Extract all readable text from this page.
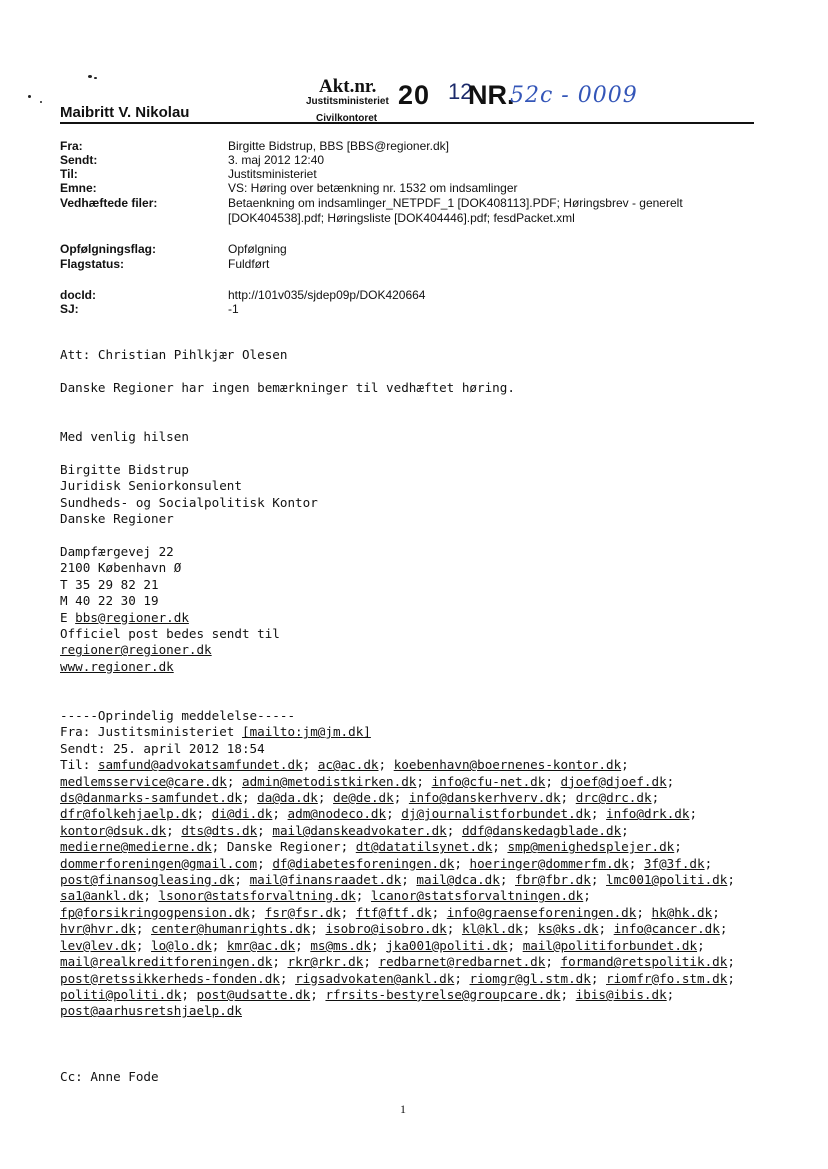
Maibritt V. Nikolau
Akt.nr.
Justitsministeriet 20 12
NR.
52c - 0009
Civilkontoret
Fra:	Birgitte Bidstrup, BBS [BBS@regioner.dk]
Sendt:	3. maj 2012 12:40
Til:	Justitsministeriet
Emne:	VS: Høring over betænkning nr. 1532 om indsamlinger
Vedhæftede filer:	Betaenkning om indsamlinger_NETPDF_1 [DOK408113].PDF; Høringsbrev - generelt
[DOK404538].pdf; Høringsliste [DOK404446].pdf; fesdPacket.xml
Opfølgningsflag:	Opfølgning
Flagstatus:	Fuldført
docId:	http://101v035/sjdep09p/DOK420664
SJ:	-1

Att: Christian Pihlkjær Olesen

Danske Regioner har ingen bemærkninger til vedhæftet høring.

Med venlig hilsen

Birgitte Bidstrup

Juridisk Seniorkonsulent

Sundheds- og Socialpolitisk Kontor

Danske Regioner

Dampfærgevej 22

2100 København Ø

T 35 29 82 21

M 40 22 30 19

E bbs@regioner.dk

Officiel post bedes sendt til

regioner@regioner.dk

www.regioner.dk

-----Oprindelig meddelelse-----

Fra: Justitsministeriet [mailto:jm@jm.dk]

Sendt: 25. april 2012 18:54

Til: samfund@advokatsamfundet.dk; ac@ac.dk; koebenhavn@boernenes-kontor.dk;

medlemsservice@care.dk; admin@metodistkirken.dk; info@cfu-net.dk; djoef@djoef.dk;

ds@danmarks-samfundet.dk; da@da.dk; de@de.dk; info@danskerhverv.dk; drc@drc.dk;

dfr@folkehjaelp.dk; di@di.dk; adm@nodeco.dk; dj@journalistforbundet.dk; info@drk.dk;

kontor@dsuk.dk; dts@dts.dk; mail@danskeadvokater.dk; ddf@danskedagblade.dk;

medierne@medierne.dk; Danske Regioner; dt@datatilsynet.dk; smp@menighedsplejer.dk;

dommerforeningen@gmail.com; df@diabetesforeningen.dk; hoeringer@dommerfm.dk; 3f@3f.dk;

post@finansogleasing.dk; mail@finansraadet.dk; mail@dca.dk; fbr@fbr.dk; lmc001@politi.dk;

sa1@ankl.dk; lsonor@statsforvaltning.dk; lcanor@statsforvaltningen.dk;

fp@forsikringogpension.dk; fsr@fsr.dk; ftf@ftf.dk; info@graenseforeningen.dk; hk@hk.dk;

hvr@hvr.dk; center@humanrights.dk; isobro@isobro.dk; kl@kl.dk; ks@ks.dk; info@cancer.dk;

lev@lev.dk; lo@lo.dk; kmr@ac.dk; ms@ms.dk; jka001@politi.dk; mail@politiforbundet.dk;

mail@realkreditforeningen.dk; rkr@rkr.dk; redbarnet@redbarnet.dk; formand@retspolitik.dk;

post@retssikkerheds-fonden.dk; rigsadvokaten@ankl.dk; riomgr@gl.stm.dk; riomfr@fo.stm.dk;

politi@politi.dk; post@udsatte.dk; rfrsits-bestyrelse@groupcare.dk; ibis@ibis.dk;

post@aarhusretshjaelp.dk

Cc: Anne Fode

1
